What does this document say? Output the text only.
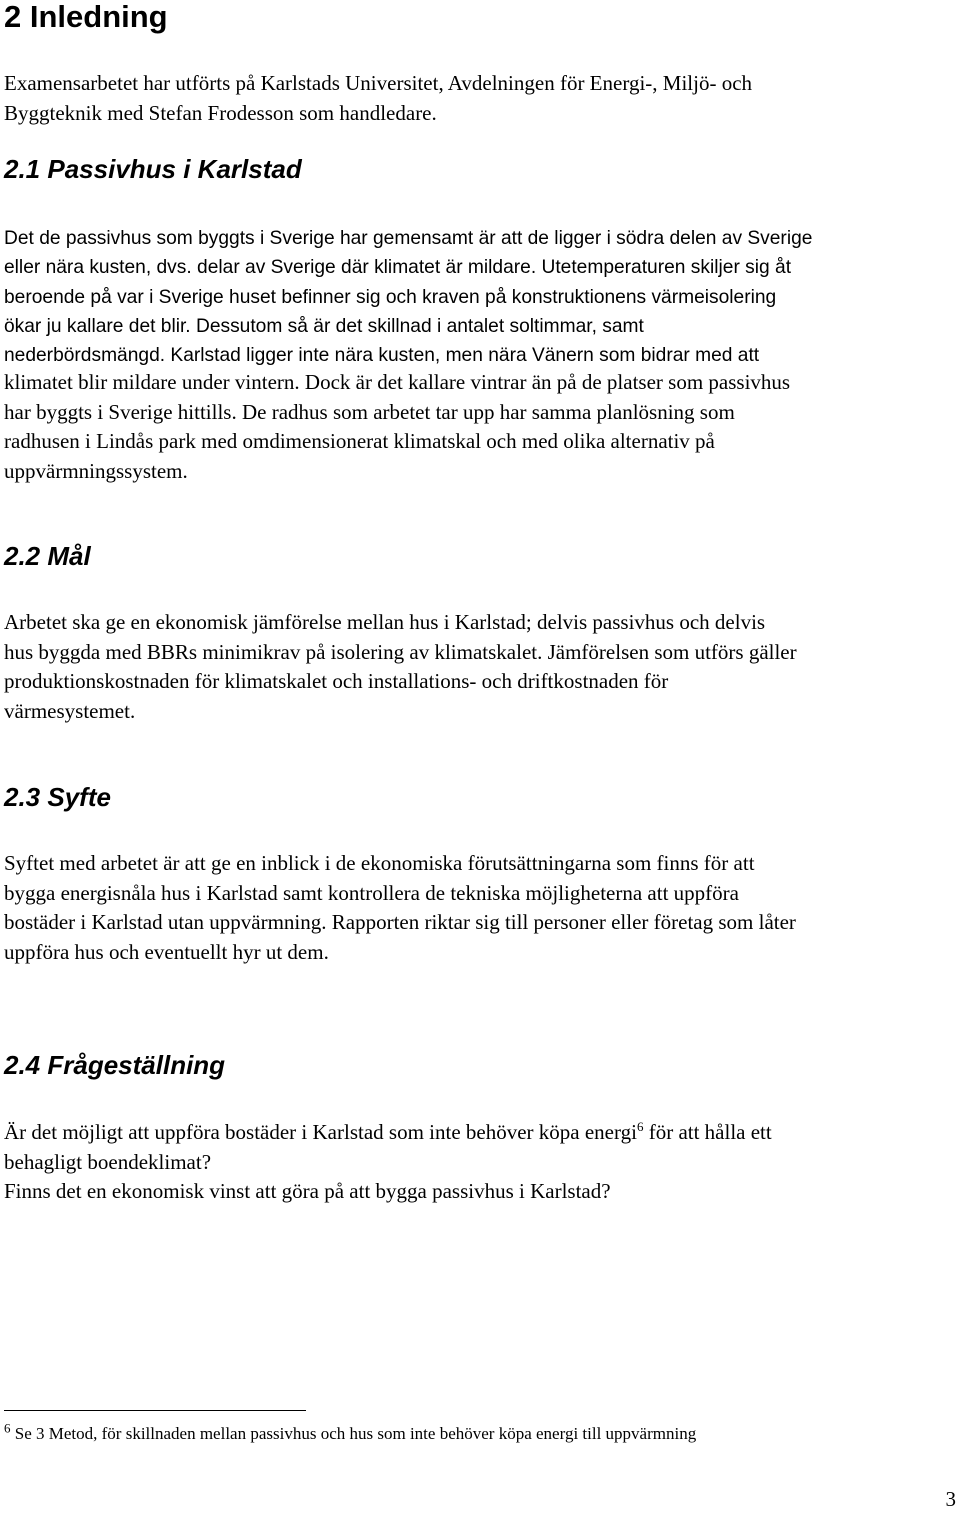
2 Inledning

Examensarbetet har utförts på Karlstads Universitet, Avdelningen för Energi-, Miljö- och
Byggteknik med Stefan Frodesson som handledare.

2.1 Passivhus i Karlstad

Det de passivhus som byggts i Sverige har gemensamt är att de ligger i södra delen av Sverige
eller nära kusten, dvs. delar av Sverige där klimatet är mildare. Utetemperaturen skiljer sig åt
beroende på var i Sverige huset befinner sig och kraven på konstruktionens värmeisolering
ökar ju kallare det blir. Dessutom så är det skillnad i antalet soltimmar, samt
nederbördsmängd. Karlstad ligger inte nära kusten, men nära Vänern som bidrar med att

klimatet blir mildare under vintern. Dock är det kallare vintrar än på de platser som passivhus
har byggts i Sverige hittills. De radhus som arbetet tar upp har samma planlösning som
radhusen i Lindås park med omdimensionerat klimatskal och med olika alternativ på
uppvärmningssystem.

2.2 Mål

Arbetet ska ge en ekonomisk jämförelse mellan hus i Karlstad; delvis passivhus och delvis
hus byggda med BBRs minimikrav på isolering av klimatskalet. Jämförelsen som utförs gäller
produktionskostnaden för klimatskalet och installations- och driftkostnaden för
värmesystemet.

2.3 Syfte

Syftet med arbetet är att ge en inblick i de ekonomiska förutsättningarna som finns för att
bygga energisnåla hus i Karlstad samt kontrollera de tekniska möjligheterna att uppföra
bostäder i Karlstad utan uppvärmning. Rapporten riktar sig till personer eller företag som låter
uppföra hus och eventuellt hyr ut dem.

2.4 Frågeställning

Är det möjligt att uppföra bostäder i Karlstad som inte behöver köpa energi$^6$ för att hålla ett
behagligt boendeklimat?
Finns det en ekonomisk vinst att göra på att bygga passivhus i Karlstad?

$^6$ Se 3 Metod, för skillnaden mellan passivhus och hus som inte behöver köpa energi till uppvärmning

3
